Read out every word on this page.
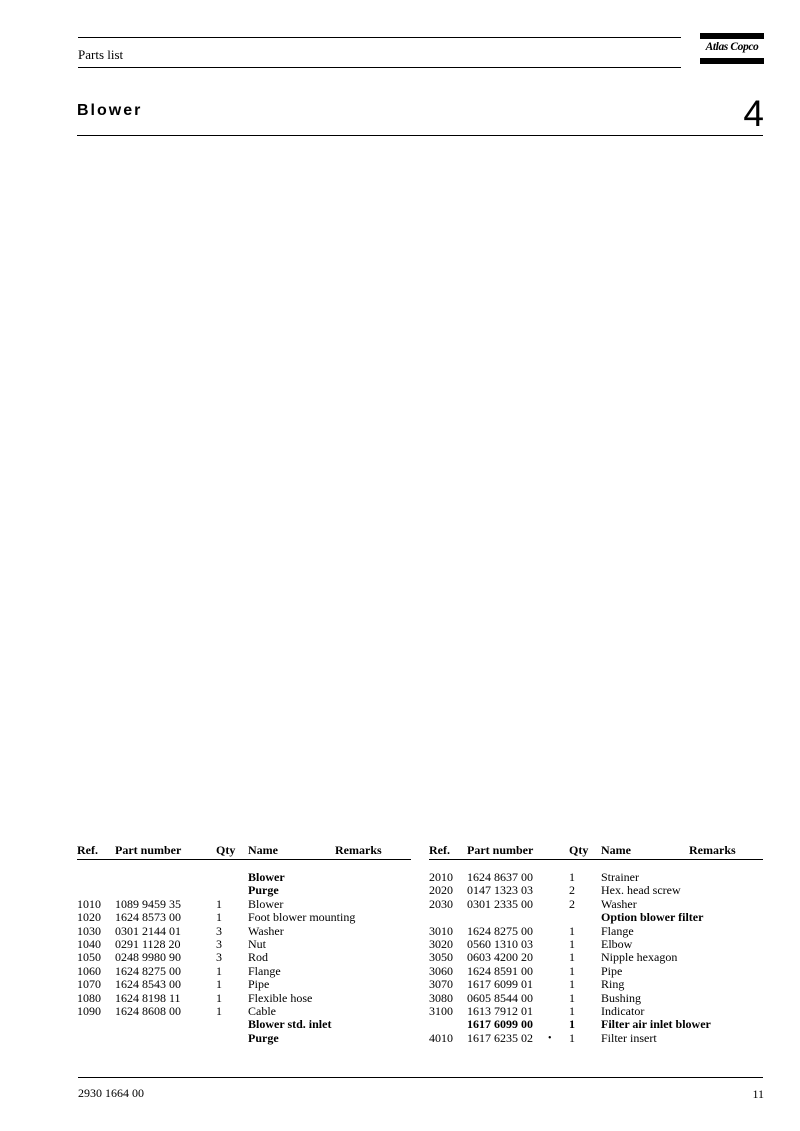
Parts list	Atlas Copco
Blower	4
Ref. Part number	Qty Name	Remarks
Blower
Purge
1010 1089 9459 35	1 Blower
1020 1624 8573 00	1 Foot blower mounting
1030 0301 2144 01	3 Washer
1040 0291 1128 20	3 Nut
1050 0248 9980 90	3 Rod
1060 1624 8275 00	1 Flange
1070 1624 8543 00	1 Pipe
1080 1624 8198 11	1 Flexible hose
1090 1624 8608 00	1 Cable
Blower std. inlet
Purge
Ref. Part number	Qty Name	Remarks
2010 1624 8637 00	1 Strainer
2020 0147 1323 03	2 Hex. head screw
2030 0301 2335 00	2 Washer
Option blower filter
3010 1624 8275 00	1 Flange
3020 0560 1310 03	1 Elbow
3050 0603 4200 20	1 Nipple hexagon
3060 1624 8591 00	1 Pipe
3070 1617 6099 01	1 Ring
3080 0605 8544 00	1 Bushing
3100 1613 7912 01	1 Indicator
1617 6099 00	1 Filter air inlet blower
4010 1617 6235 02 • 1 Filter insert
2930 1664 00	11
